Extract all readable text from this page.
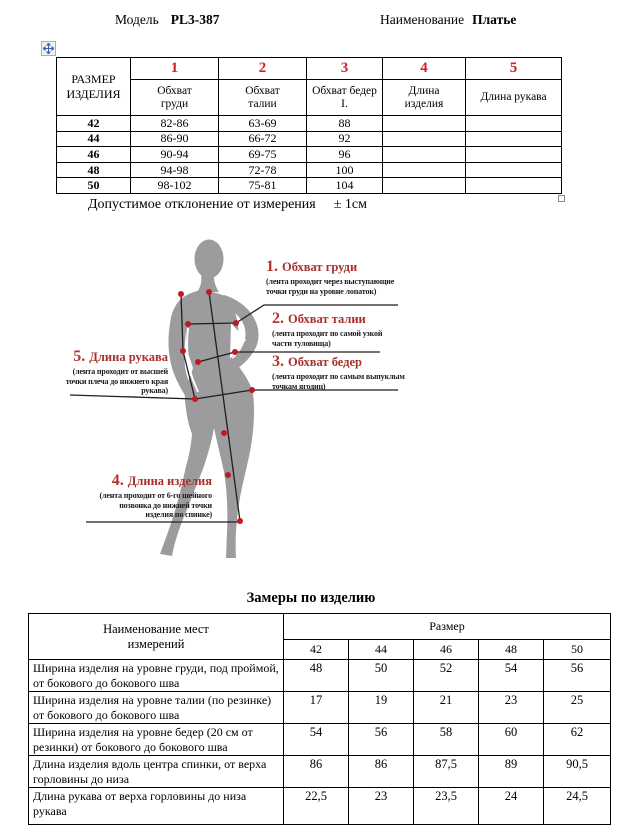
Модель PL3-387	Наименование Платье
РАЗМЕР ИЗДЕЛИЯ	1	2	3	4	5
	Обхват груди	Обхват талии	Обхват бедер I.	Длина изделия	Длина рукава
42	82-86	63-69	88		
44	86-90	66-72	92		
46	90-94	69-75	96		
48	94-98	72-78	100		
50	98-102	75-81	104		
Допустимое отклонение от измерения ± 1см
1. Обхват груди
(лента проходит через выступающие точки груди на уровне лопаток)
2. Обхват талии
(лента проходит по самой узкой части туловища)
3. Обхват бедер
(лента проходит по самым выпуклым точкам ягодиц)
5. Длина рукава
(лента проходит от высшей точки плеча до нижнего края рукава)
4. Длина изделия
(лента проходит от 6-го шейного позвонка до нижней точки изделия по спинке)
Замеры по изделию
Наименование мест измерений	Размер				
	42	44	46	48	50
Ширина изделия на уровне груди, под проймой, от бокового до бокового шва	48	50	52	54	56
Ширина изделия на уровне талии (по резинке) от бокового до бокового шва	17	19	21	23	25
Ширина изделия на уровне бедер (20 см от резинки) от бокового до бокового шва	54	56	58	60	62
Длина изделия вдоль центра спинки, от верха горловины до низа	86	86	87,5	89	90,5
Длина рукава от верха горловины до низа рукава	22,5	23	23,5	24	24,5
